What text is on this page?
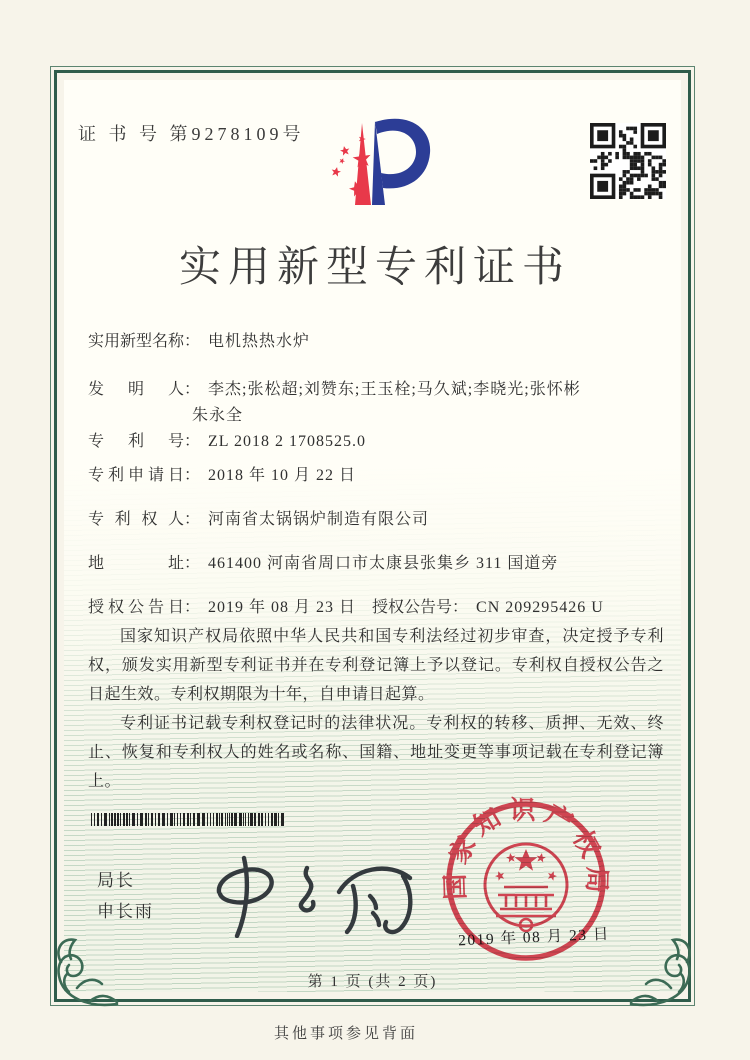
证 书 号 第9278109号
实用新型专利证书
实用新型名称： 电机热热水炉
发明人： 李杰;张松超;刘赞东;王玉栓;马久斌;李晓光;张怀彬
朱永全
专利号： ZL 2018 2 1708525.0
专利申请日： 2018 年 10 月 22 日
专利权人： 河南省太锅锅炉制造有限公司
地址： 461400 河南省周口市太康县张集乡 311 国道旁
授权公告日： 2019 年 08 月 23 日 授权公告号： CN 209295426 U

国家知识产权局依照中华人民共和国专利法经过初步审查，决定授予专利权，颁发实用新型专利证书并在专利登记簿上予以登记。专利权自授权公告之日起生效。专利权期限为十年，自申请日起算。

专利证书记载专利权登记时的法律状况。专利权的转移、质押、无效、终止、恢复和专利权人的姓名或名称、国籍、地址变更等事项记载在专利登记簿上。

局长
申长雨
2019 年 08 月 23 日
国家知识产权局
第 1 页 (共 2 页)
其他事项参见背面
